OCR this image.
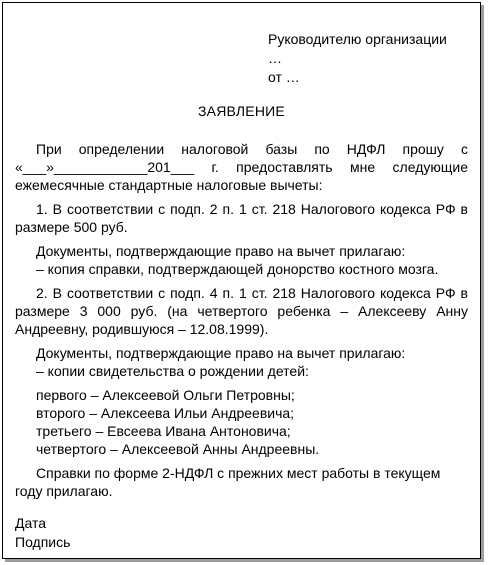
Руководителю организации
…
от …
ЗАЯВЛЕНИЕ

При определении налоговой базы по НДФЛ прошу с «___»____________201___ г. предоставлять мне следующие ежемесячные стандартные налоговые вычеты:

1. В соответствии с подп. 2 п. 1 ст. 218 Налогового кодекса РФ в размере 500 руб.

Документы, подтверждающие право на вычет прилагаю:

– копия справки, подтверждающей донорство костного мозга.

2. В соответствии с подп. 4 п. 1 ст. 218 Налогового кодекса РФ в размере 3 000 руб. (на четвертого ребенка – Алексееву Анну Андреевну, родившуюся – 12.08.1999).

Документы, подтверждающие право на вычет прилагаю:

– копии свидетельства о рождении детей:

первого – Алексеевой Ольги Петровны;
второго – Алексеева Ильи Андреевича;
третьего – Евсеева Ивана Антоновича;
четвертого – Алексеевой Анны Андреевны.

Справки по форме 2-НДФЛ с прежних мест работы в текущем году прилагаю.

Дата
Подпись
